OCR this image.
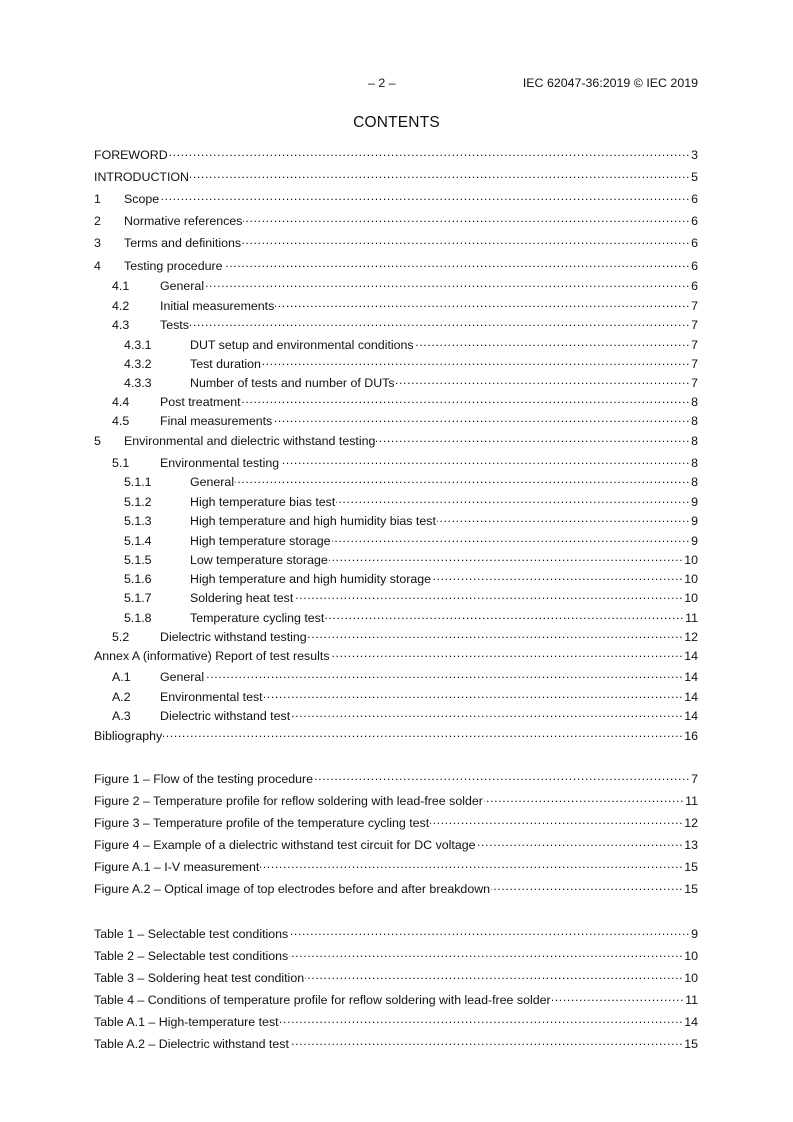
– 2 –	IEC 62047-36:2019 © IEC 2019
CONTENTS
FOREWORD .....	3
INTRODUCTION .....	5
1	Scope .....	6
2	Normative references .....	6
3	Terms and definitions .....	6
4	Testing procedure .....	6
4.1	General .....	6
4.2	Initial measurements .....	7
4.3	Tests .....	7
4.3.1	DUT setup and environmental conditions .....	7
4.3.2	Test duration .....	7
4.3.3	Number of tests and number of DUTs .....	7
4.4	Post treatment .....	8
4.5	Final measurements .....	8
5	Environmental and dielectric withstand testing .....	8
5.1	Environmental testing .....	8
5.1.1	General .....	8
5.1.2	High temperature bias test .....	9
5.1.3	High temperature and high humidity bias test .....	9
5.1.4	High temperature storage .....	9
5.1.5	Low temperature storage .....	10
5.1.6	High temperature and high humidity storage .....	10
5.1.7	Soldering heat test .....	10
5.1.8	Temperature cycling test .....	11
5.2	Dielectric withstand testing .....	12
Annex A (informative) Report of test results .....	14
A.1	General .....	14
A.2	Environmental test .....	14
A.3	Dielectric withstand test .....	14
Bibliography .....	16
Figure 1 – Flow of the testing procedure .....	7
Figure 2 – Temperature profile for reflow soldering with lead-free solder .....	11
Figure 3 – Temperature profile of the temperature cycling test .....	12
Figure 4 – Example of a dielectric withstand test circuit for DC voltage .....	13
Figure A.1 – I-V measurement .....	15
Figure A.2 – Optical image of top electrodes before and after breakdown .....	15
Table 1 – Selectable test conditions .....	9
Table 2 – Selectable test conditions .....	10
Table 3 – Soldering heat test condition .....	10
Table 4 – Conditions of temperature profile for reflow soldering with lead-free solder .....	11
Table A.1 – High-temperature test .....	14
Table A.2 – Dielectric withstand test .....	15
